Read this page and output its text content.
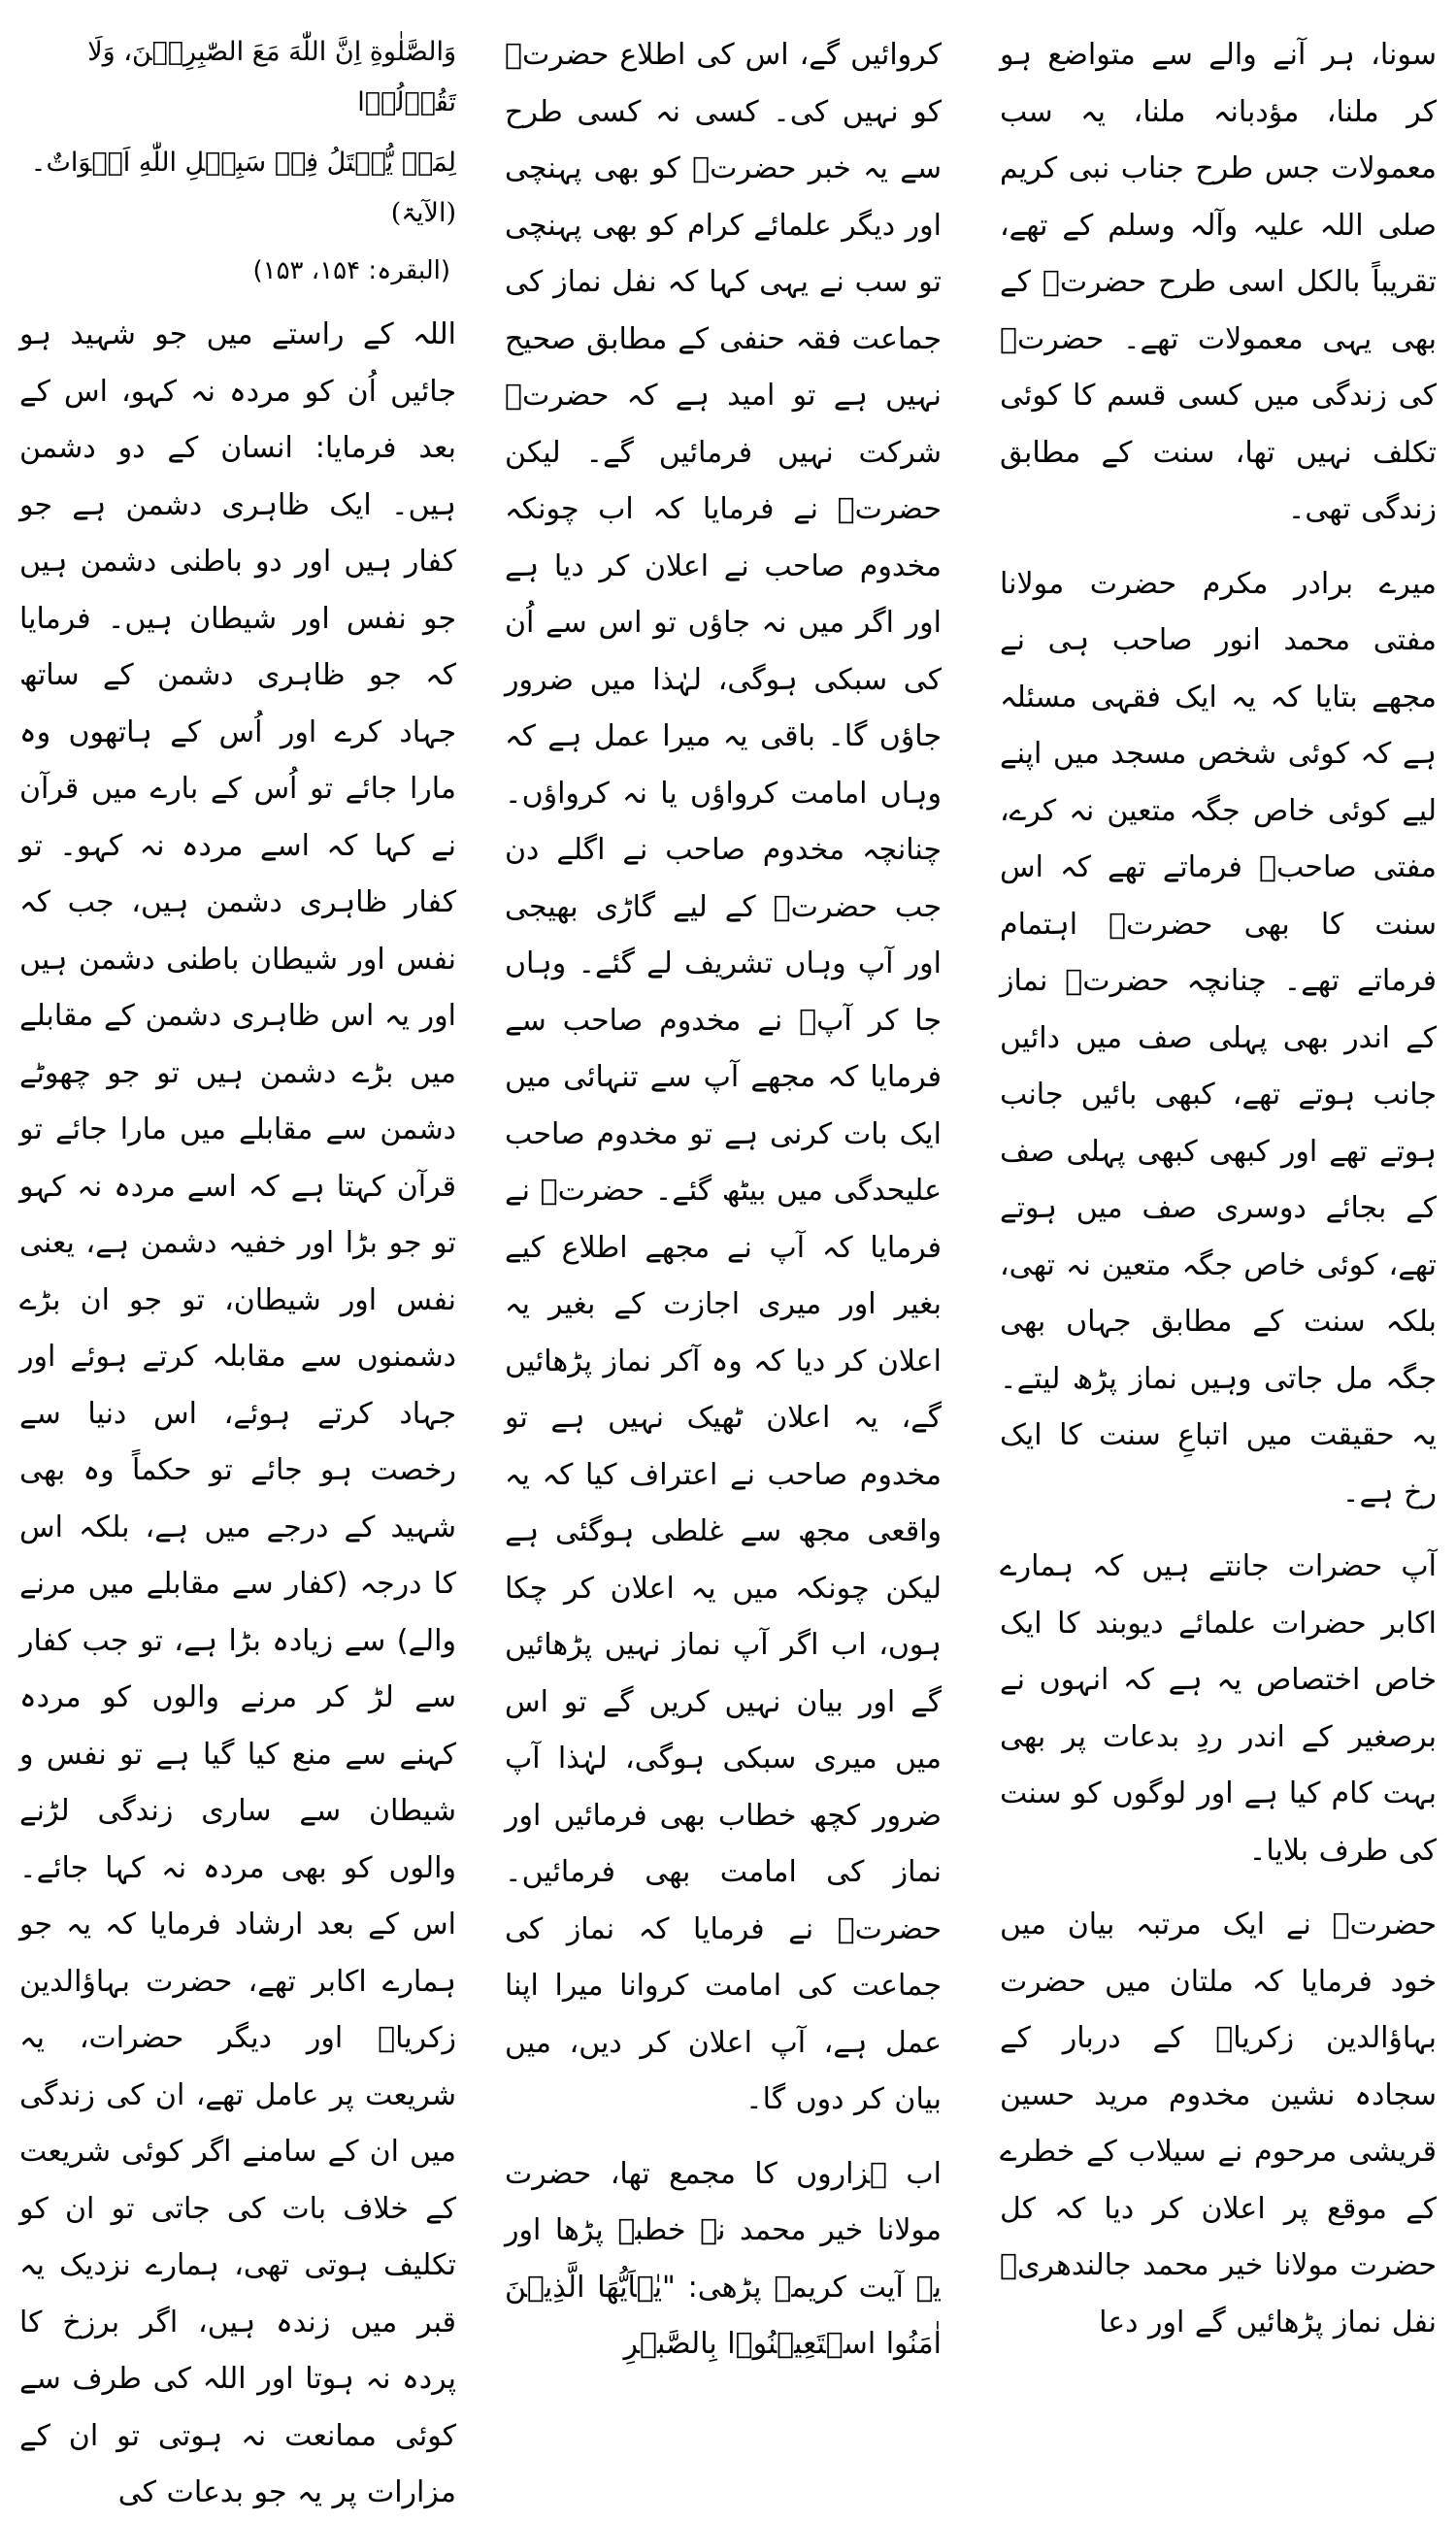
سونا، ہر آنے والے سے متواضع ہو کر ملنا، مؤدبانہ ملنا، یہ سب معمولات جس طرح جناب نبی کریم صلی اللہ علیہ وآلہ وسلم کے تھے، تقریباً بالکل اسی طرح حضرتؒ کے بھی یہی معمولات تھے۔ حضرتؒ کی زندگی میں کسی قسم کا کوئی تکلف نہیں تھا، سنت کے مطابق زندگی تھی۔

میرے برادر مکرم حضرت مولانا مفتی محمد انور صاحب ہی نے مجھے بتایا کہ یہ ایک فقہی مسئلہ ہے کہ کوئی شخص مسجد میں اپنے لیے کوئی خاص جگہ متعین نہ کرے، مفتی صاحبؒ فرماتے تھے کہ اس سنت کا بھی حضرتؒ اہتمام فرماتے تھے۔ چنانچہ حضرتؒ نماز کے اندر بھی پہلی صف میں دائیں جانب ہوتے تھے، کبھی بائیں جانب ہوتے تھے اور کبھی کبھی پہلی صف کے بجائے دوسری صف میں ہوتے تھے، کوئی خاص جگہ متعین نہ تھی، بلکہ سنت کے مطابق جہاں بھی جگہ مل جاتی وہیں نماز پڑھ لیتے۔ یہ حقیقت میں اتباعِ سنت کا ایک رخ ہے۔

آپ حضرات جانتے ہیں کہ ہمارے اکابر حضرات علمائے دیوبند کا ایک خاص اختصاص یہ ہے کہ انہوں نے برصغیر کے اندر ردِ بدعات پر بھی بہت کام کیا ہے اور لوگوں کو سنت کی طرف بلایا۔

حضرتؒ نے ایک مرتبہ بیان میں خود فرمایا کہ ملتان میں حضرت بہاؤالدین زکریاؒ کے دربار کے سجادہ نشین مخدوم مرید حسین قریشی مرحوم نے سیلاب کے خطرے کے موقع پر اعلان کر دیا کہ کل حضرت مولانا خیر محمد جالندھریؒ نفل نماز پڑھائیں گے اور دعا

کروائیں گے، اس کی اطلاع حضرتؒ کو نہیں کی۔ کسی نہ کسی طرح سے یہ خبر حضرتؒ کو بھی پہنچی اور دیگر علمائے کرام کو بھی پہنچی تو سب نے یہی کہا کہ نفل نماز کی جماعت فقہ حنفی کے مطابق صحیح نہیں ہے تو امید ہے کہ حضرتؒ شرکت نہیں فرمائیں گے۔ لیکن حضرتؒ نے فرمایا کہ اب چونکہ مخدوم صاحب نے اعلان کر دیا ہے اور اگر میں نہ جاؤں تو اس سے اُن کی سبکی ہوگی، لہٰذا میں ضرور جاؤں گا۔ باقی یہ میرا عمل ہے کہ وہاں امامت کرواؤں یا نہ کرواؤں۔ چنانچہ مخدوم صاحب نے اگلے دن جب حضرتؒ کے لیے گاڑی بھیجی اور آپ وہاں تشریف لے گئے۔ وہاں جا کر آپؒ نے مخدوم صاحب سے فرمایا کہ مجھے آپ سے تنہائی میں ایک بات کرنی ہے تو مخدوم صاحب علیحدگی میں بیٹھ گئے۔ حضرتؒ نے فرمایا کہ آپ نے مجھے اطلاع کیے بغیر اور میری اجازت کے بغیر یہ اعلان کر دیا کہ وہ آکر نماز پڑھائیں گے، یہ اعلان ٹھیک نہیں ہے تو مخدوم صاحب نے اعتراف کیا کہ یہ واقعی مجھ سے غلطی ہوگئی ہے لیکن چونکہ میں یہ اعلان کر چکا ہوں، اب اگر آپ نماز نہیں پڑھائیں گے اور بیان نہیں کریں گے تو اس میں میری سبکی ہوگی، لہٰذا آپ ضرور کچھ خطاب بھی فرمائیں اور نماز کی امامت بھی فرمائیں۔ حضرتؒ نے فرمایا کہ نماز کی جماعت کی امامت کروانا میرا اپنا عمل ہے، آپ اعلان کر دیں، میں بیان کر دوں گا۔

اب ہزاروں کا مجمع تھا، حضرت مولانا خیر محمد نے خطبہ پڑھا اور یہ آیت کریمہ پڑھی: "یٰۤاَیُّهَا الَّذِیۡنَ اٰمَنُوا اسۡتَعِیۡنُوۡا بِالصَّبۡرِ

وَالصَّلٰوةِ اِنَّ اللّٰهَ مَعَ الصّٰبِرِیۡنَ، وَلَا تَقُوۡلُوۡا
لِمَنۡ یُّقۡتَلُ فِیۡ سَبِیۡلِ اللّٰهِ اَمۡوَاتٌ۔ (الآیۃ)
(البقرہ: ۱۵۴، ۱۵۳)

اللہ کے راستے میں جو شہید ہو جائیں اُن کو مردہ نہ کہو، اس کے بعد فرمایا: انسان کے دو دشمن ہیں۔ ایک ظاہری دشمن ہے جو کفار ہیں اور دو باطنی دشمن ہیں جو نفس اور شیطان ہیں۔ فرمایا کہ جو ظاہری دشمن کے ساتھ جہاد کرے اور اُس کے ہاتھوں وہ مارا جائے تو اُس کے بارے میں قرآن نے کہا کہ اسے مردہ نہ کہو۔ تو کفار ظاہری دشمن ہیں، جب کہ نفس اور شیطان باطنی دشمن ہیں اور یہ اس ظاہری دشمن کے مقابلے میں بڑے دشمن ہیں تو جو چھوٹے دشمن سے مقابلے میں مارا جائے تو قرآن کہتا ہے کہ اسے مردہ نہ کہو تو جو بڑا اور خفیہ دشمن ہے، یعنی نفس اور شیطان، تو جو ان بڑے دشمنوں سے مقابلہ کرتے ہوئے اور جہاد کرتے ہوئے، اس دنیا سے رخصت ہو جائے تو حکماً وہ بھی شہید کے درجے میں ہے، بلکہ اس کا درجہ (کفار سے مقابلے میں مرنے والے) سے زیادہ بڑا ہے، تو جب کفار سے لڑ کر مرنے والوں کو مردہ کہنے سے منع کیا گیا ہے تو نفس و شیطان سے ساری زندگی لڑنے والوں کو بھی مردہ نہ کہا جائے۔ اس کے بعد ارشاد فرمایا کہ یہ جو ہمارے اکابر تھے، حضرت بہاؤالدین زکریاؒ اور دیگر حضرات، یہ شریعت پر عامل تھے، ان کی زندگی میں ان کے سامنے اگر کوئی شریعت کے خلاف بات کی جاتی تو ان کو تکلیف ہوتی تھی، ہمارے نزدیک یہ قبر میں زندہ ہیں، اگر برزخ کا پردہ نہ ہوتا اور اللہ کی طرف سے کوئی ممانعت نہ ہوتی تو ان کے مزارات پر یہ جو بدعات کی
